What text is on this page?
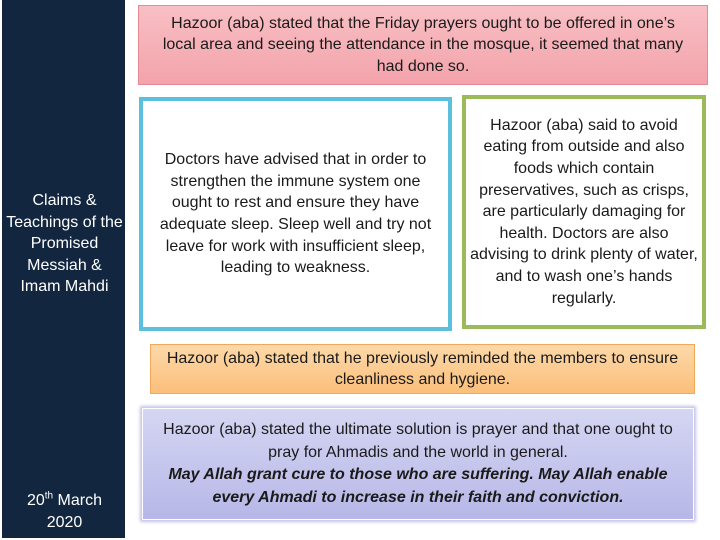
Claims & Teachings of the Promised Messiah & Imam Mahdi
20th March
2020
Hazoor (aba) stated that the Friday prayers ought to be offered in one’s local area and seeing the attendance in the mosque, it seemed that many had done so.
Doctors have advised that in order to strengthen the immune system one ought to rest and ensure they have adequate sleep. Sleep well and try not leave for work with insufficient sleep, leading to weakness.
Hazoor (aba) said to avoid eating from outside and also foods which contain preservatives, such as crisps, are particularly damaging for health. Doctors are also advising to drink plenty of water, and to wash one’s hands regularly.
Hazoor (aba) stated that he previously reminded the members to ensure cleanliness and hygiene.
Hazoor (aba) stated the ultimate solution is prayer and that one ought to pray for Ahmadis and the world in general.
May Allah grant cure to those who are suffering. May Allah enable every Ahmadi to increase in their faith and conviction.
